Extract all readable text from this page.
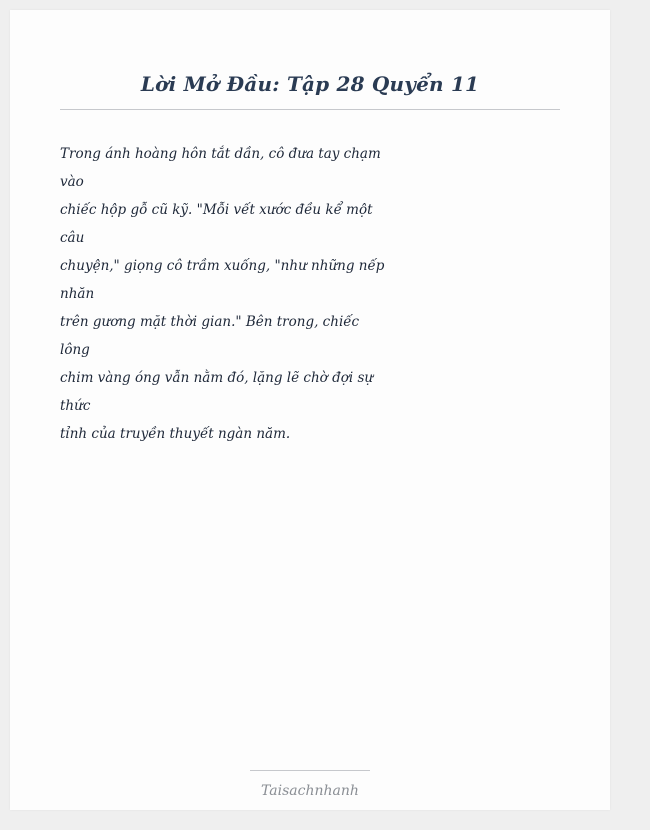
Lời Mở Đầu: Tập 28 Quyển 11
Trong ánh hoàng hôn tắt dần, cô đưa tay chạm
vào
chiếc hộp gỗ cũ kỹ. "Mỗi vết xước đều kể một
câu
chuyện," giọng cô trầm xuống, "như những nếp
nhăn
trên gương mặt thời gian." Bên trong, chiếc
lông
chim vàng óng vẫn nằm đó, lặng lẽ chờ đợi sự
thức
tỉnh của truyền thuyết ngàn năm.

Taisachnhanh
